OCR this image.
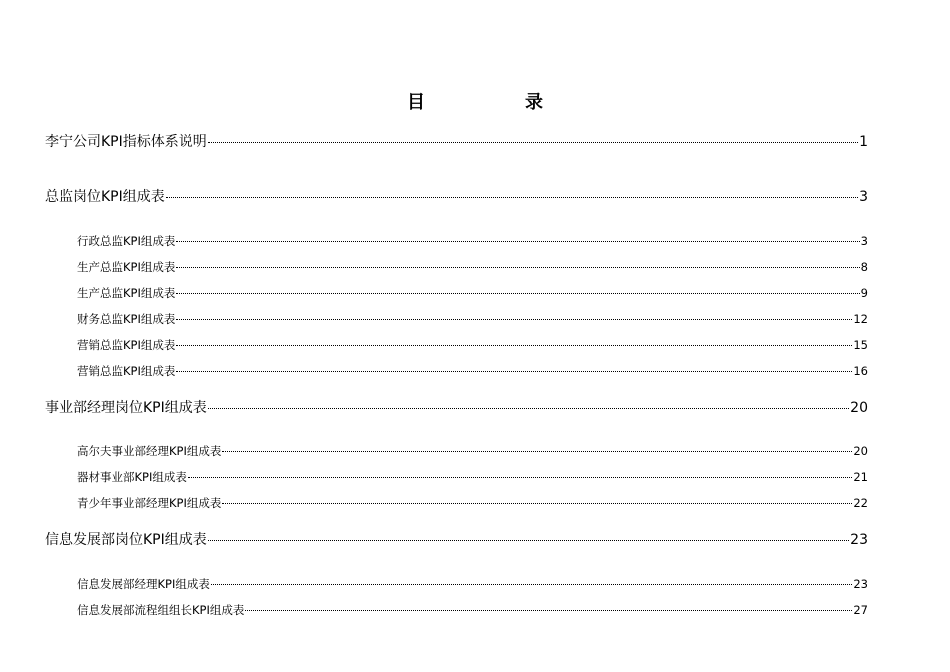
目	录
李宁公司KPI指标体系说明	1
总监岗位KPI组成表	3
行政总监KPI组成表	3
生产总监KPI组成表	8
生产总监KPI组成表	9
财务总监KPI组成表	12
营销总监KPI组成表	15
营销总监KPI组成表	16
事业部经理岗位KPI组成表	20
高尔夫事业部经理KPI组成表	20
器材事业部KPI组成表	21
青少年事业部经理KPI组成表	22
信息发展部岗位KPI组成表	23
信息发展部经理KPI组成表	23
信息发展部流程组组长KPI组成表	27
